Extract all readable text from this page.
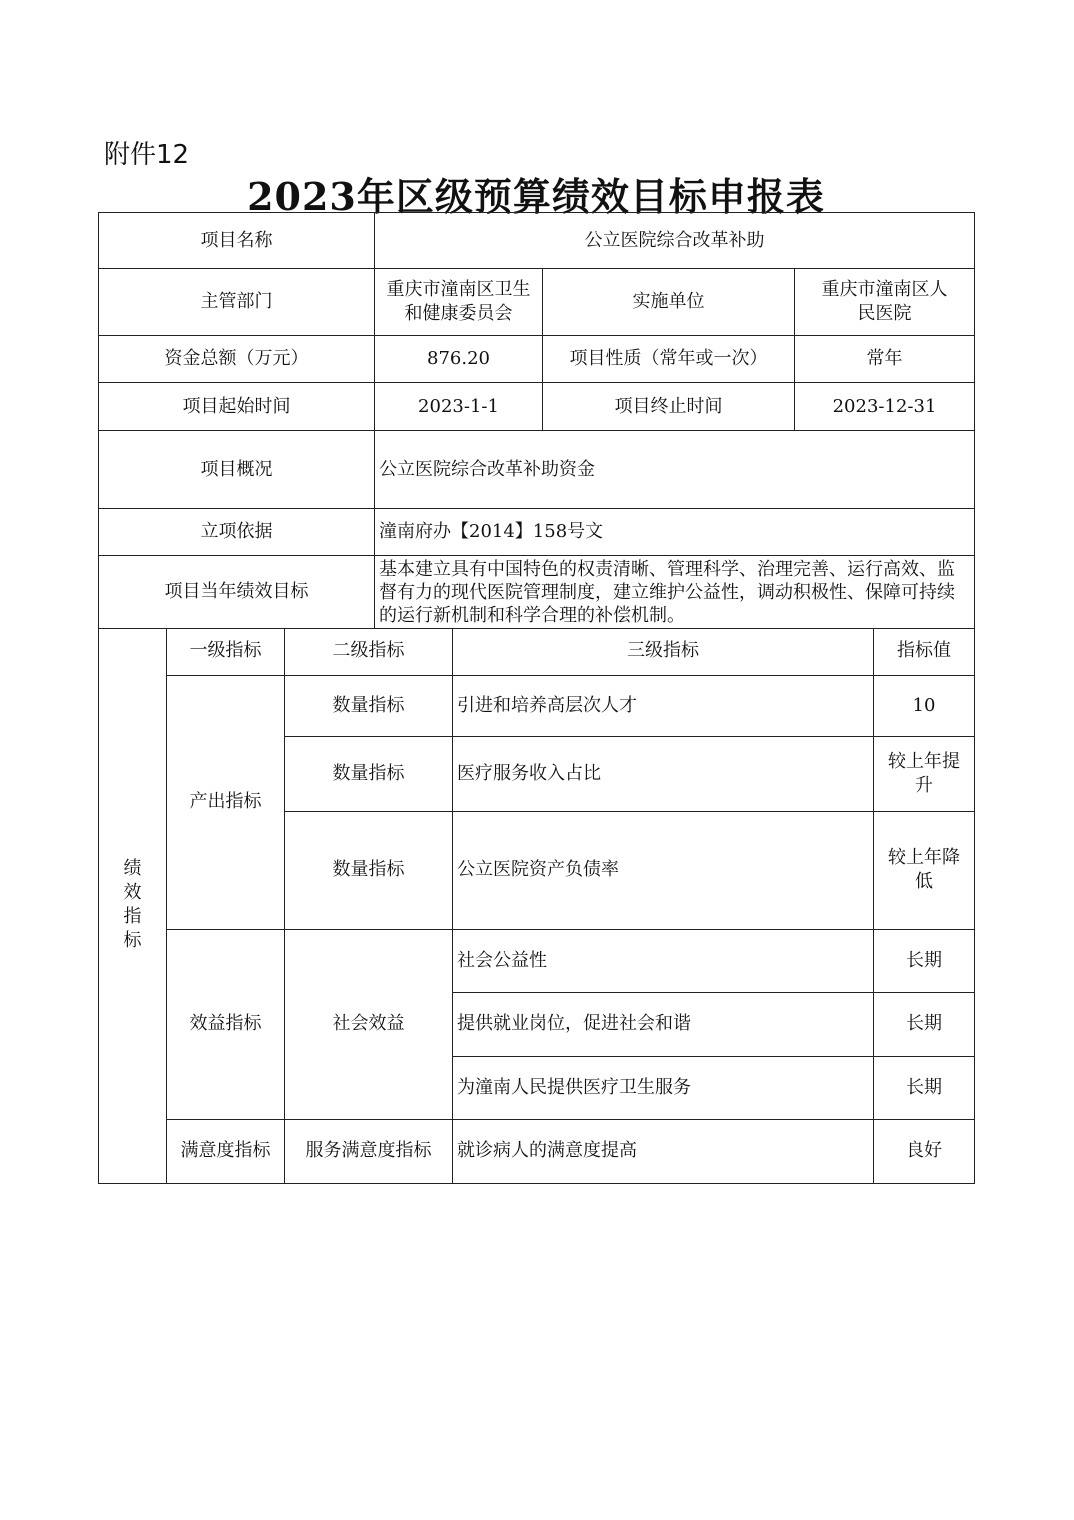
附件12
2023年区级预算绩效目标申报表
项目名称	公立医院综合改革补助		
主管部门	重庆市潼南区卫生和健康委员会	实施单位	重庆市潼南区人民医院
资金总额（万元）	876.20	项目性质（常年或一次）	常年
项目起始时间	2023-1-1	项目终止时间	2023-12-31
项目概况	公立医院综合改革补助资金		
立项依据	潼南府办【2014】158号文		
项目当年绩效目标	基本建立具有中国特色的权责清晰、管理科学、治理完善、运行高效、监督有力的现代医院管理制度，建立维护公益性，调动积极性、保障可持续的运行新机制和科学合理的补偿机制。		
绩效指标	一级指标	二级指标	三级指标	指标值
	产出指标	数量指标	引进和培养高层次人才	10
		数量指标	医疗服务收入占比	较上年提升
		数量指标	公立医院资产负债率	较上年降低
	效益指标	社会效益	社会公益性	长期
			提供就业岗位，促进社会和谐	长期
			为潼南人民提供医疗卫生服务	长期
	满意度指标	服务满意度指标	就诊病人的满意度提高	良好
